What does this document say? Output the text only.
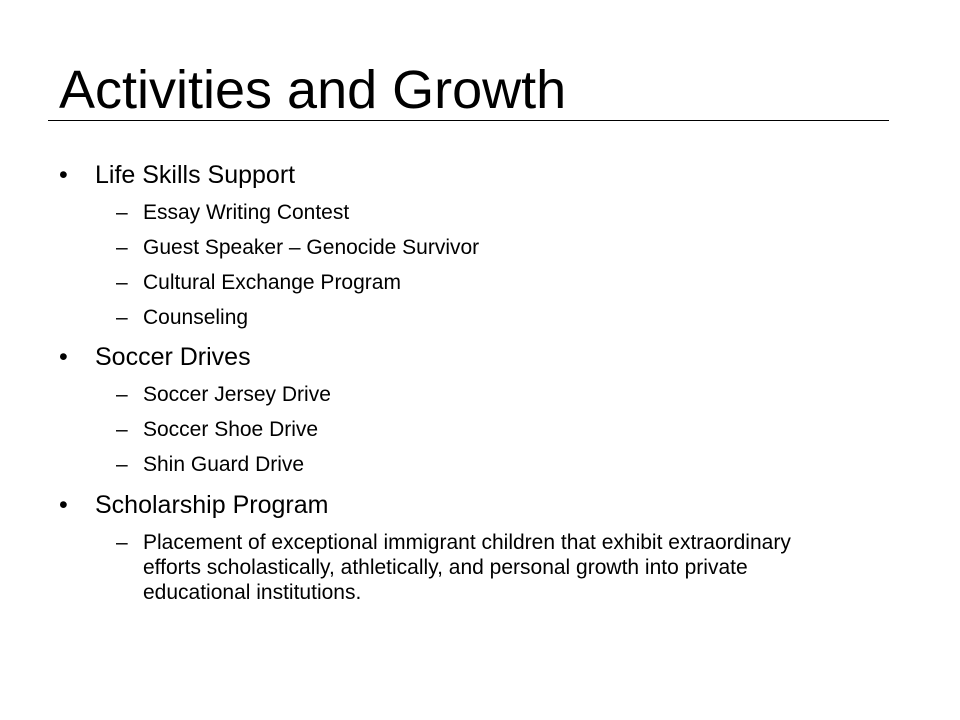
Activities and Growth
• Life Skills Support
– Essay Writing Contest
– Guest Speaker – Genocide Survivor
– Cultural Exchange Program
– Counseling
• Soccer Drives
– Soccer Jersey Drive
– Soccer Shoe Drive
– Shin Guard Drive
• Scholarship Program
– Placement of exceptional immigrant children that exhibit extraordinary efforts scholastically, athletically, and personal growth into private educational institutions.
